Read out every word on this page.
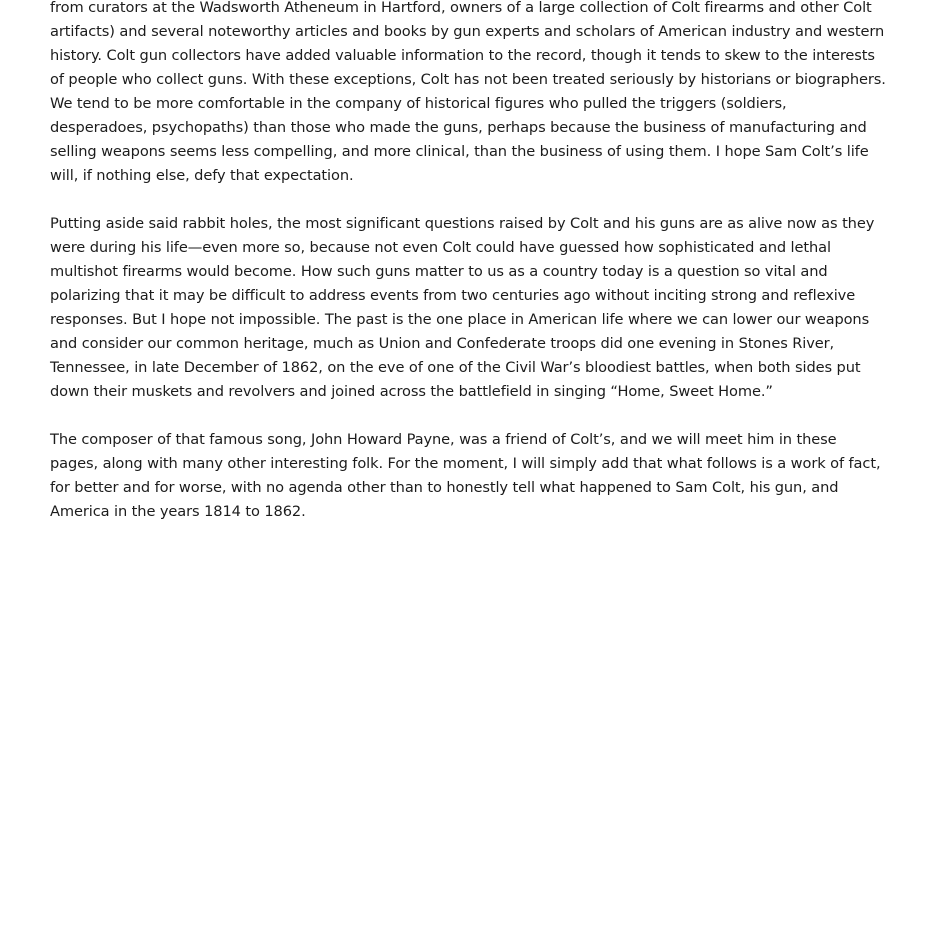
from curators at the Wadsworth Atheneum in Hartford, owners of a large collection of Colt firearms and other Colt artifacts) and several noteworthy articles and books by gun experts and scholars of American industry and western history. Colt gun collectors have added valuable information to the record, though it tends to skew to the interests of people who collect guns. With these exceptions, Colt has not been treated seriously by historians or biographers. We tend to be more comfortable in the company of historical figures who pulled the triggers (soldiers, desperadoes, psychopaths) than those who made the guns, perhaps because the business of manufacturing and selling weapons seems less compelling, and more clinical, than the business of using them. I hope Sam Colt’s life will, if nothing else, defy that expectation.

Putting aside said rabbit holes, the most significant questions raised by Colt and his guns are as alive now as they were during his life—even more so, because not even Colt could have guessed how sophisticated and lethal multishot firearms would become. How such guns matter to us as a country today is a question so vital and polarizing that it may be difficult to address events from two centuries ago without inciting strong and reflexive responses. But I hope not impossible. The past is the one place in American life where we can lower our weapons and consider our common heritage, much as Union and Confederate troops did one evening in Stones River, Tennessee, in late December of 1862, on the eve of one of the Civil War’s bloodiest battles, when both sides put down their muskets and revolvers and joined across the battlefield in singing “Home, Sweet Home.”

The composer of that famous song, John Howard Payne, was a friend of Colt’s, and we will meet him in these pages, along with many other interesting folk. For the moment, I will simply add that what follows is a work of fact, for better and for worse, with no agenda other than to honestly tell what happened to Sam Colt, his gun, and America in the years 1814 to 1862.
